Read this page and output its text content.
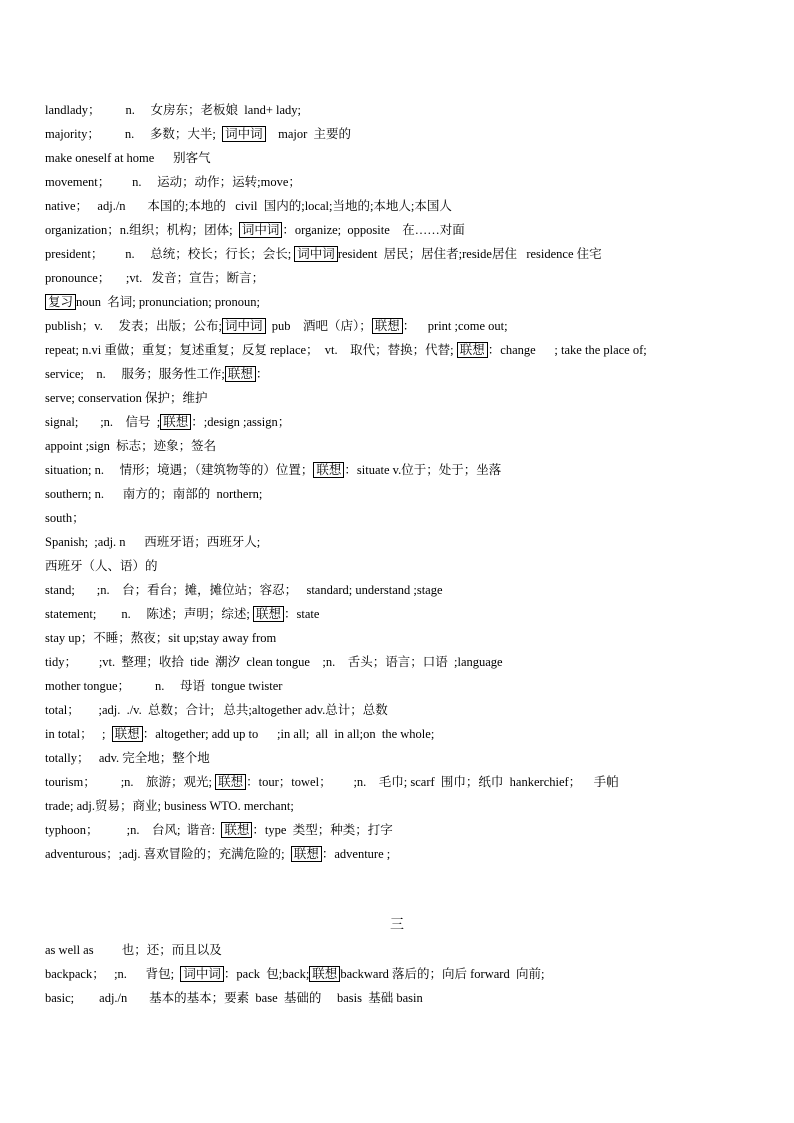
landlady；        n.     女房东；老板娘  land+ lady;
majority；        n.     多数；大半;  词中词    major  主要的
make oneself at home      别客气
movement；       n.     运动；动作；运转;move；
native；   adj./n       本国的;本地的   civil  国内的;local;当地的;本地人;本国人
organization；n.组织；机构；团体;  词中词 ：organize;  opposite    在……对面
president；       n.     总统；校长；行长；会长; 词中词 resident  居民；居住者;reside居住   residence 住宅
pronounce；     ;vt.   发音；宣告；断言；
复习 noun  名词; pronunciation; pronoun;
publish；v.     发表；出版；公布; 词中词  pub    酒吧（店）； 联想 ：    print ;come out;
repeat; n.vi 重做；重复；复述重复；反复 replace；  vt.    取代；替换；代替; 联想 ：change      ; take the place of;
service;    n.     服务；服务性工作; 联想 ：
serve; conservation 保护；维护
signal;       ;n.    信号  ; 联想 ：;design ;assign；
appoint ;sign  标志；迹象；签名
situation; n.     情形；境遇；（建筑物等的）位置； 联想 ：situate v.位于；处于；坐落
southern; n.      南方的；南部的  northern;
south；
Spanish;  ;adj. n      西班牙语；西班牙人;
西班牙（人、语）的
stand;       ;n.    台；看台；摊，摊位站；容忍；   standard; understand ;stage
statement;        n.     陈述；声明；综述; 联想 ：state
stay up；不睡；熬夜；sit up;stay away from
tidy；       ;vt.  整理；收拾  tide  潮汐  clean tongue    ;n.    舌头；语言；口语  ;language
mother tongue；        n.     母语  tongue twister
total；      ;adj.  ./v.  总数；合计;   总共;altogether adv.总计；总数
in total；   ;  联想 ：altogether; add up to      ;in all;  all  in all;on  the whole;
totally；   adv. 完全地；整个地
tourism；        ;n.    旅游；观光; 联想 ：tour；towel；       ;n.    毛巾; scarf  围巾；纸巾  hankerchief；    手帕
trade; adj.贸易；商业; business WTO. merchant;
typhoon；         ;n.    台风;  谐音:  联想 ：type  类型；种类；打字
adventurous；;adj. 喜欢冒险的；充满危险的;  联想 ：adventure ;
三
as well as         也；还；而且以及
backpack；   ;n.      背包;  词中词 ：pack  包;back; 联想 backward 落后的；向后 forward  向前;
basic;        adj./n       基本的基本；要素  base  基础的     basis  基础 basin
